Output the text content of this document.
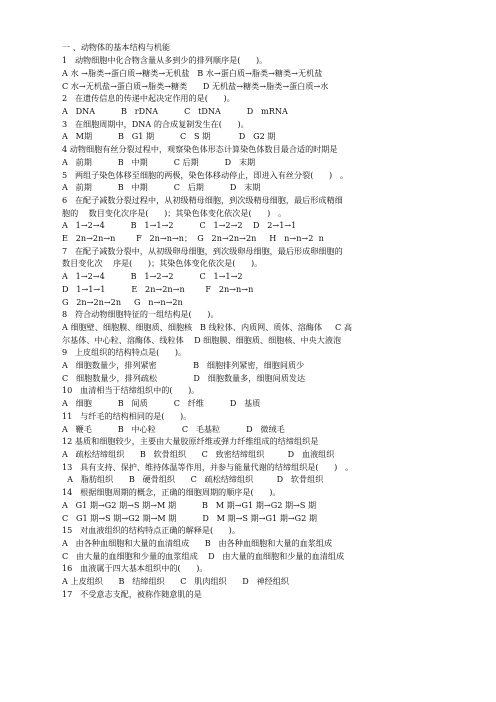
一 、动物体的基本结构与机能
1   动物细胞中化合物含量从多到少的排列顺序是(      )。
A 水 →脂类→蛋白质→糖类→无机盐   B 水→蛋白质→脂类→糖类→无机盐
C 水→无机盐→蛋白质→脂类→糖类      D 无机盐→糖类→脂类→蛋白质→水
2   在遗传信息的传递中起决定作用的是(      )。
A   DNA          B   rDNA          C   tDNA          D   mRNA
3   在细胞周期中，DNA 的合成复制发生在(      )。
A   M期          B   G1 期          C   S 期           D   G2 期
4 动物细胞有丝分裂过程中，观察染色体形态计算染色体数目最合适的时期是
A   前期          B   中期          C 后期          D   末期
5   两组子染色体移至细胞的两极，染色体移动停止，即进入有丝分裂(      )   。
A   前期          B   中期          C   后期          D   末期
6   在配子减数分裂过程中，从初级精母细胞，到次级精母细胞，最后形成精细
胞的    数目变化次序是(      )；其染色体变化依次是(      )   。
A   1→2→4          B   1→1→2          C   1→2→2    D   2→1→1
E   2n→2n→n        F   2n→n→n；  G   2n→2n→2n     H   n→n→2  n
7   在配子减数分裂中，从初级卵母细胞，到次级卵母细胞，最后形成卵细胞的
数目变化次    序是(      )；其染色体变化依次是(      )。
A   1→2→4          B   1→2→2          C   1→1→2
D   1→1→1          E   2n→2n→n        F   2n→n→n
G   2n→2n→2n     G   n→n→2n
8   符合动物细胞特征的一组结构是(      )。
A 细胞壁、细胞膜、细胞质、细胞核   B 线粒体、内质网、质体、溶酶体     C 高
尔基体、中心粒、溶酶体、线粒体    D 细胞膜、细胞质、细胞核、中央大液泡
9   上皮组织的结构特点是(      )。
A   细胞数量少，排列紧密              B   细胞排列紧密，细胞间质少
C   细胞数量少，排列疏松              D   细胞数量多，细胞间质发达
10   血清相当于结缔组织中的(      )。
A   细胞          B   间质          C   纤维          D   基质
11   与纤毛的结构相同的是(      )。
A   鞭毛          B   中心粒          C   毛基粒          D   微绒毛
12 基质和细胞较少，主要由大量胶原纤维或弹力纤维组成的结缔组织是
A   疏松结缔组织      B   软骨组织      C   致密结缔组织         D   血液组织
13   具有支持、保护、维持体温等作用，并参与能量代谢的结缔组织是(      )   。
A   脂肪组织      B   硬骨组织      C   疏松结缔组织         D   软骨组织
14   根据细胞周期的概念，正确的细胞周期的顺序是(      )。
A   G1 期→G2 期→S 期→M 期          B   M 期→G1 期→G2 期→S 期
C   G1 期→S 期→G2 期→M 期          D   M 期→S 期→G1 期→G2 期
15   对血液组织的结构特点正确的解释是(      )。
A   由各种血细胞和大量的血清组成      B   由各种血细胞和大量的血浆组成
C   由大量的血细胞和少量的血浆组成    D   由大量的血细胞和少量的血清组成
16   血液属于四大基本组织中的(      )。
A 上皮组织      B   结缔组织      C   肌肉组织      D   神经组织
17   不受意志支配，被称作随意肌的是
